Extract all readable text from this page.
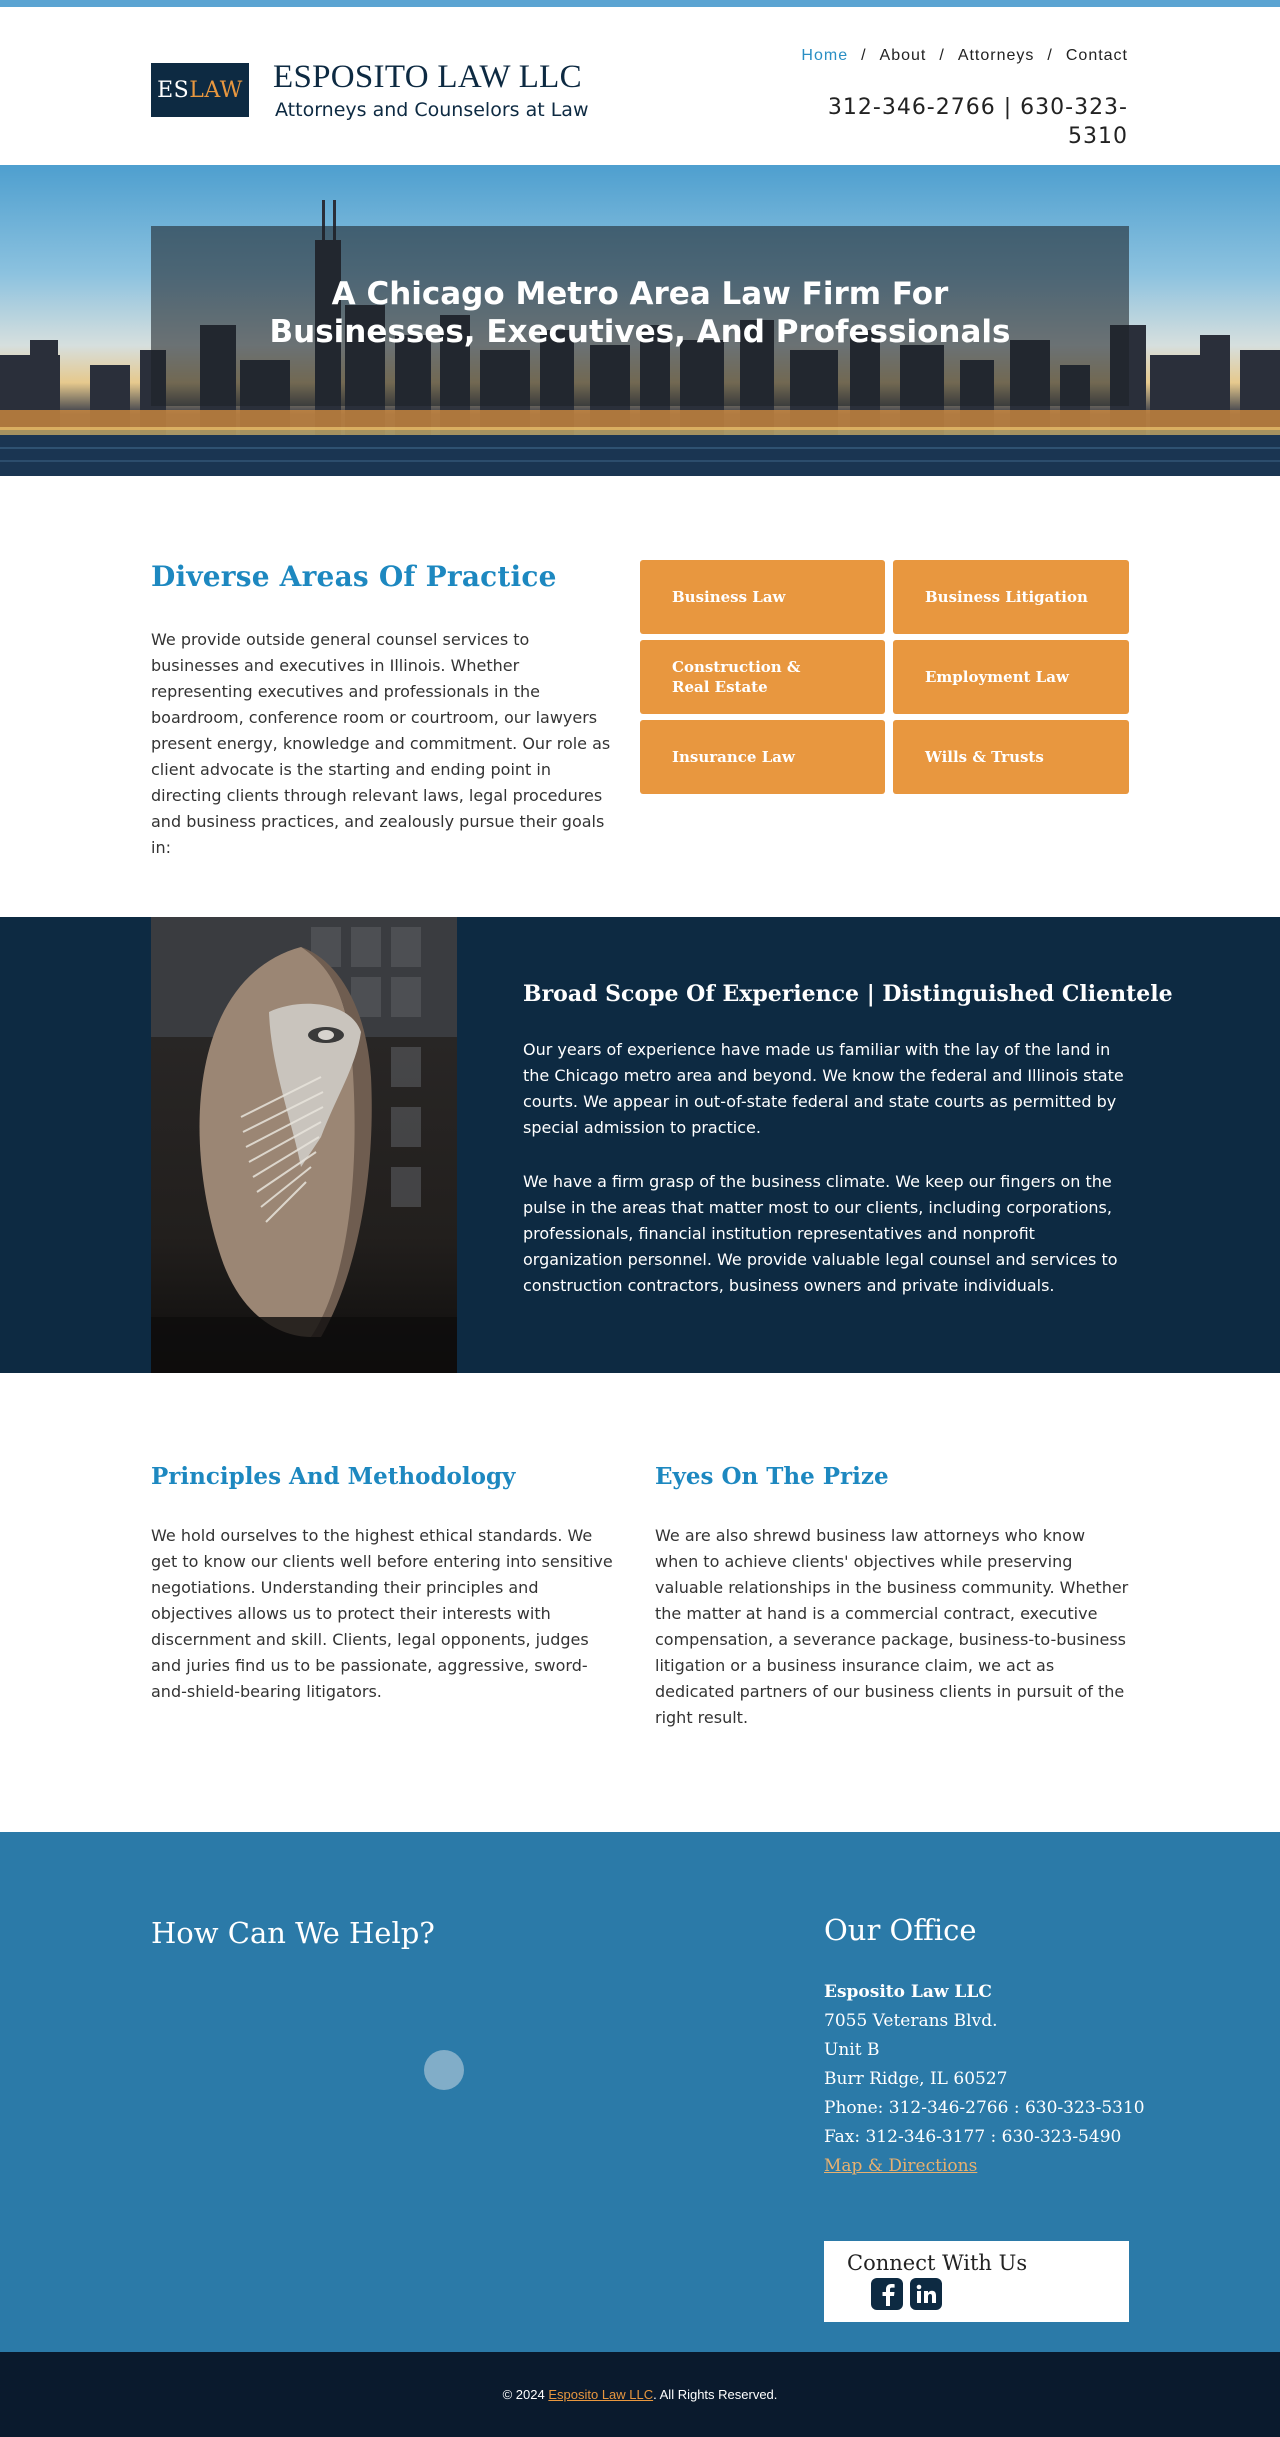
ES LAW ESPOSITO LAW LLC
Attorneys and Counselors at Law
Home / About / Attorneys / Contact
312-346-2766 | 630-323-5310
A Chicago Metro Area Law Firm For
Businesses, Executives, And Professionals
Diverse Areas Of Practice

We provide outside general counsel services to businesses and executives in Illinois. Whether representing executives and professionals in the boardroom, conference room or courtroom, our lawyers present energy, knowledge and commitment. Our role as client advocate is the starting and ending point in directing clients through relevant laws, legal procedures and business practices, and zealously pursue their goals in:

Business Law	Business Litigation
Construction & Real Estate
Employment Law
Insurance Law	Wills & Trusts
Broad Scope Of Experience | Distinguished Clientele

Our years of experience have made us familiar with the lay of the land in the Chicago metro area and beyond. We know the federal and Illinois state courts. We appear in out-of-state federal and state courts as permitted by special admission to practice.

We have a firm grasp of the business climate. We keep our fingers on the pulse in the areas that matter most to our clients, including corporations, professionals, financial institution representatives and nonprofit organization personnel. We provide valuable legal counsel and services to construction contractors, business owners and private individuals.

Principles And Methodology

We hold ourselves to the highest ethical standards. We get to know our clients well before entering into sensitive negotiations. Understanding their principles and objectives allows us to protect their interests with discernment and skill. Clients, legal opponents, judges and juries find us to be passionate, aggressive, sword-and-shield-bearing litigators.

Eyes On The Prize

We are also shrewd business law attorneys who know when to achieve clients' objectives while preserving valuable relationships in the business community. Whether the matter at hand is a commercial contract, executive compensation, a severance package, business-to-business litigation or a business insurance claim, we act as dedicated partners of our business clients in pursuit of the right result.

How Can We Help?	Our Office
Esposito Law LLC
7055 Veterans Blvd.
Unit B
Burr Ridge, IL 60527
Phone: 312-346-2766 : 630-323-5310
Fax: 312-346-3177 : 630-323-5490
Map & Directions
Connect With Us
© 2024
Esposito Law LLC . All Rights Reserved.
